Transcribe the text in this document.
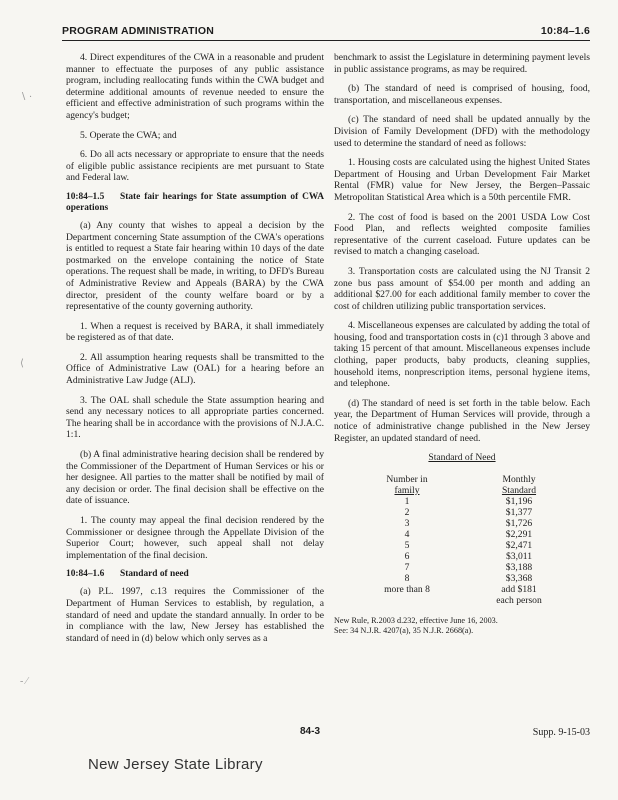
PROGRAM ADMINISTRATION	10:84–1.6

4. Direct expenditures of the CWA in a reasonable and prudent manner to effectuate the purposes of any public assistance program, including reallocating funds within the CWA budget and determine additional amounts of revenue needed to ensure the efficient and effective administration of such programs within the agency's budget;

5. Operate the CWA; and

6. Do all acts necessary or appropriate to ensure that the needs of eligible public assistance recipients are met pursuant to State and Federal law.

10:84–1.5 State fair hearings for State assumption of CWA operations

(a) Any county that wishes to appeal a decision by the Department concerning State assumption of the CWA's operations is entitled to request a State fair hearing within 10 days of the date postmarked on the envelope containing the notice of State operations. The request shall be made, in writing, to DFD's Bureau of Administrative Review and Appeals (BARA) by the CWA director, president of the county welfare board or by a representative of the county governing authority.

1. When a request is received by BARA, it shall immediately be registered as of that date.

2. All assumption hearing requests shall be transmitted to the Office of Administrative Law (OAL) for a hearing before an Administrative Law Judge (ALJ).

3. The OAL shall schedule the State assumption hearing and send any necessary notices to all appropriate parties concerned. The hearing shall be in accordance with the provisions of N.J.A.C. 1:1.

(b) A final administrative hearing decision shall be rendered by the Commissioner of the Department of Human Services or his or her designee. All parties to the matter shall be notified by mail of any decision or order. The final decision shall be effective on the date of issuance.

1. The county may appeal the final decision rendered by the Commissioner or designee through the Appellate Division of the Superior Court; however, such appeal shall not delay implementation of the final decision.

10:84–1.6 Standard of need

(a) P.L. 1997, c.13 requires the Commissioner of the Department of Human Services to establish, by regulation, a standard of need and update the standard annually. In order to be in compliance with the law, New Jersey has established the standard of need in (d) below which only serves as a

benchmark to assist the Legislature in determining payment levels in public assistance programs, as may be required.

(b) The standard of need is comprised of housing, food, transportation, and miscellaneous expenses.

(c) The standard of need shall be updated annually by the Division of Family Development (DFD) with the methodology used to determine the standard of need as follows:

1. Housing costs are calculated using the highest United States Department of Housing and Urban Development Fair Market Rental (FMR) value for New Jersey, the Bergen–Passaic Metropolitan Statistical Area which is a 50th percentile FMR.

2. The cost of food is based on the 2001 USDA Low Cost Food Plan, and reflects weighted composite families representative of the current caseload. Future updates can be revised to match a changing caseload.

3. Transportation costs are calculated using the NJ Transit 2 zone bus pass amount of $54.00 per month and adding an additional $27.00 for each additional family member to cover the cost of children utilizing public transportation services.

4. Miscellaneous expenses are calculated by adding the total of housing, food and transportation costs in (c)1 through 3 above and taking 15 percent of that amount. Miscellaneous expenses include clothing, paper products, baby products, cleaning supplies, household items, nonprescription items, personal hygiene items, and telephone.

(d) The standard of need is set forth in the table below. Each year, the Department of Human Services will provide, through a notice of administrative change published in the New Jersey Register, an updated standard of need.

Standard of Need
Number in
family	Monthly
Standard
1	$1,196
2	$1,377
3	$1,726
4	$2,291
5	$2,471
6	$3,011
7	$3,188
8	$3,368
more than 8	add $181
	each person
New Rule, R.2003 d.232, effective June 16, 2003.
See: 34 N.J.R. 4207(a), 35 N.J.R. 2668(a).
84-3	Supp. 9-15-03
New Jersey State Library
∖ ·
⟨
‑ ⁄
